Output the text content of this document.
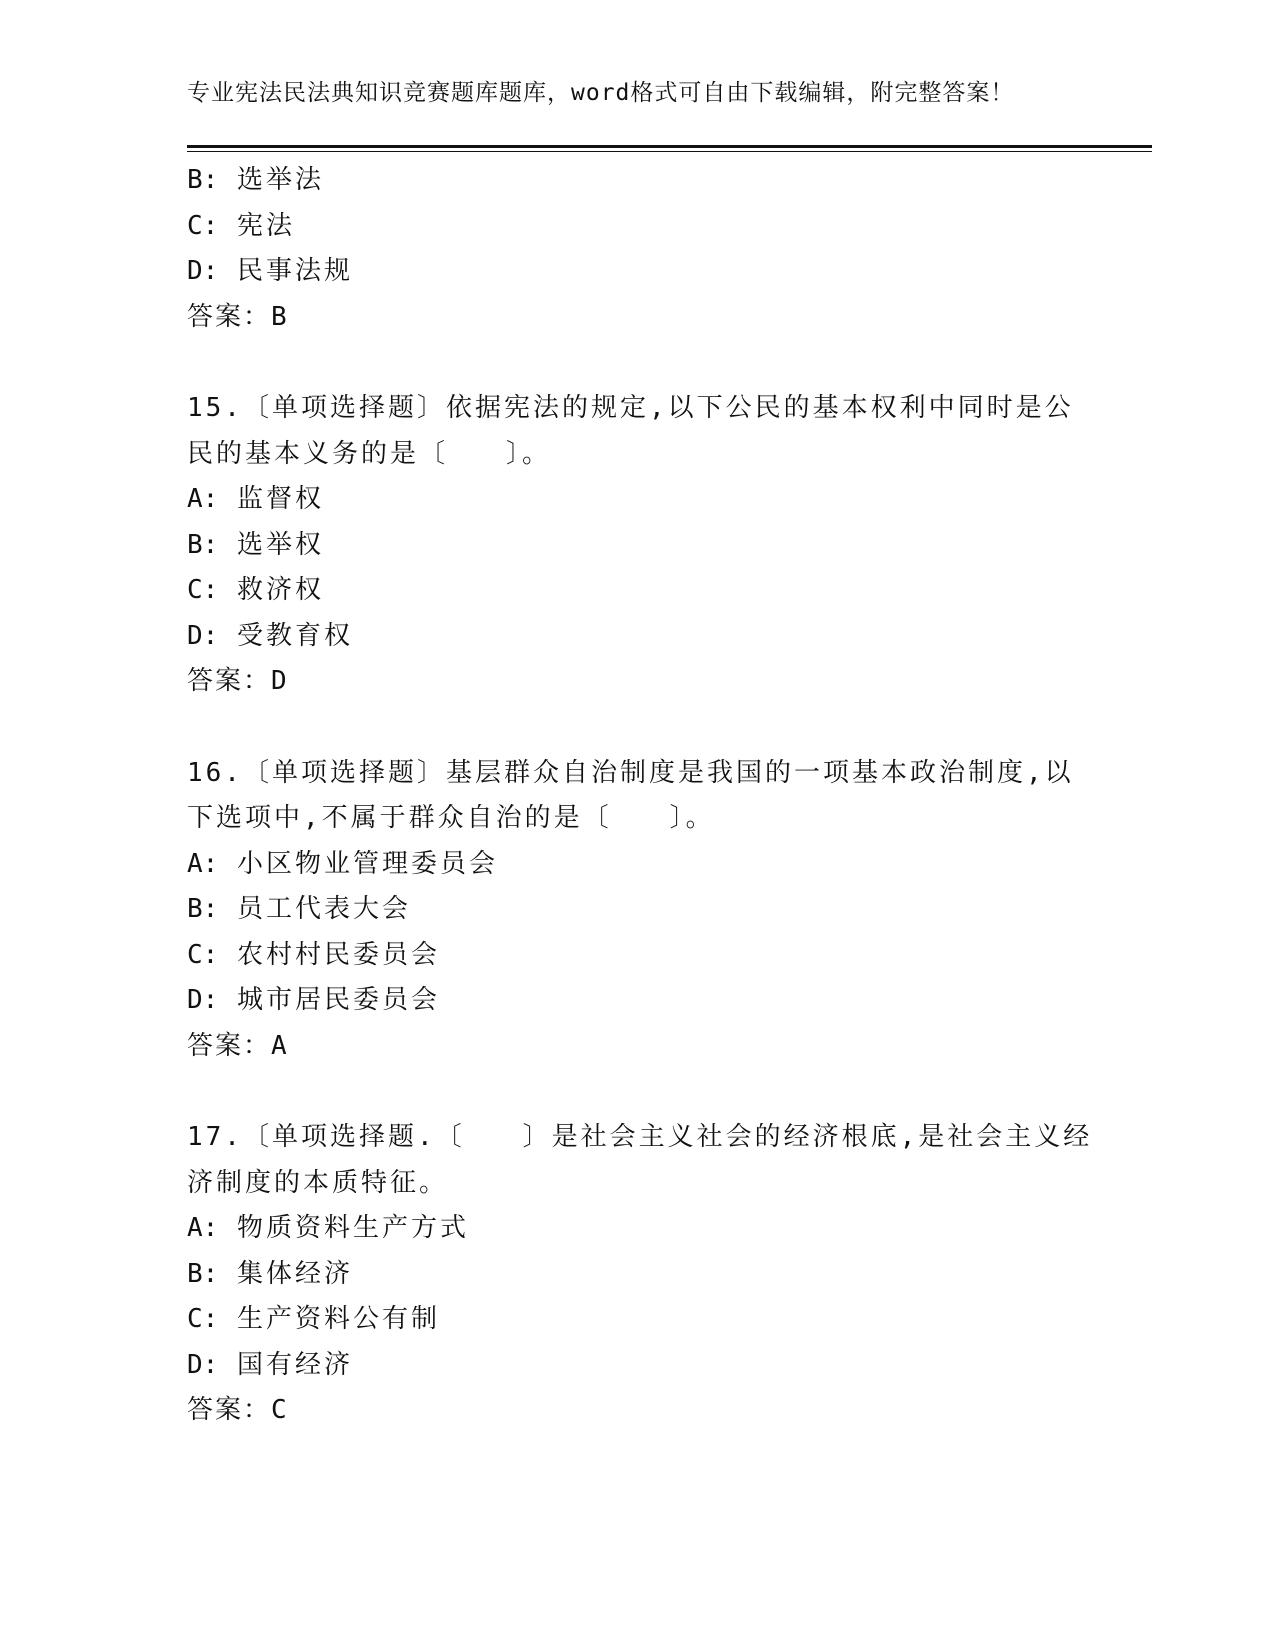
专业宪法民法典知识竞赛题库题库，word格式可自由下载编辑，附完整答案！
B: 选举法
C: 宪法
D: 民事法规
答案：B
15.〔单项选择题〕依据宪法的规定,以下公民的基本权利中同时是公
民的基本义务的是〔　　〕。
A: 监督权
B: 选举权
C: 救济权
D: 受教育权
答案：D
16.〔单项选择题〕基层群众自治制度是我国的一项基本政治制度,以
下选项中,不属于群众自治的是〔　　〕。
A: 小区物业管理委员会
B: 员工代表大会
C: 农村村民委员会
D: 城市居民委员会
答案：A
17.〔单项选择题.〔　　〕是社会主义社会的经济根底,是社会主义经
济制度的本质特征。
A: 物质资料生产方式
B: 集体经济
C: 生产资料公有制
D: 国有经济
答案：C
